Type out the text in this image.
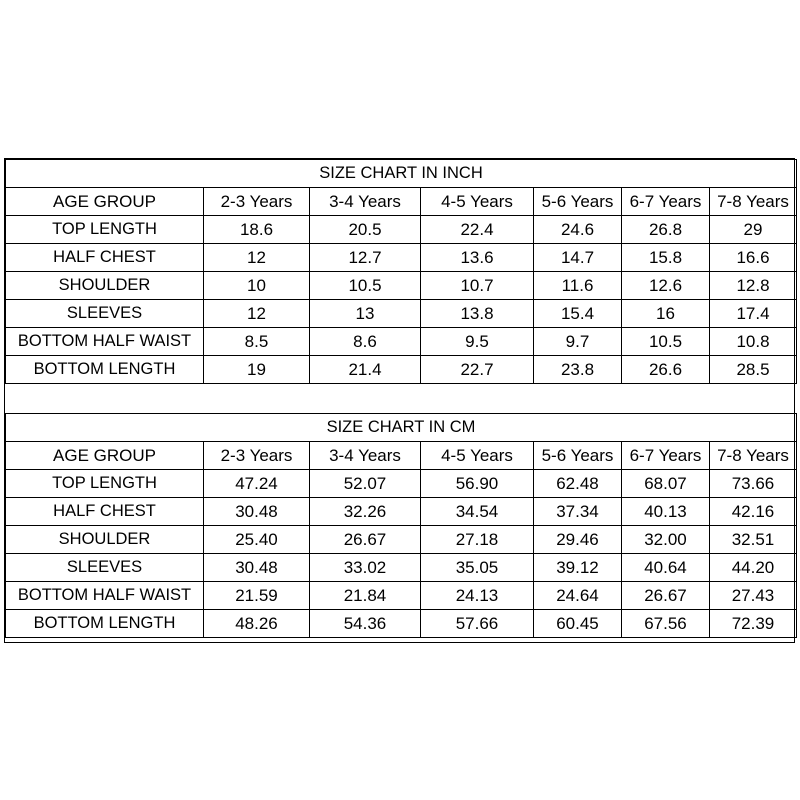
SIZE CHART IN INCH						
AGE GROUP	2-3 Years	3-4 Years	4-5 Years	5-6 Years	6-7 Years	7-8 Years
TOP LENGTH	18.6	20.5	22.4	24.6	26.8	29
HALF CHEST	12	12.7	13.6	14.7	15.8	16.6
SHOULDER	10	10.5	10.7	11.6	12.6	12.8
SLEEVES	12	13	13.8	15.4	16	17.4
BOTTOM HALF WAIST	8.5	8.6	9.5	9.7	10.5	10.8
BOTTOM LENGTH	19	21.4	22.7	23.8	26.6	28.5

SIZE CHART IN CM						
AGE GROUP	2-3 Years	3-4 Years	4-5 Years	5-6 Years	6-7 Years	7-8 Years
TOP LENGTH	47.24	52.07	56.90	62.48	68.07	73.66
HALF CHEST	30.48	32.26	34.54	37.34	40.13	42.16
SHOULDER	25.40	26.67	27.18	29.46	32.00	32.51
SLEEVES	30.48	33.02	35.05	39.12	40.64	44.20
BOTTOM HALF WAIST	21.59	21.84	24.13	24.64	26.67	27.43
BOTTOM LENGTH	48.26	54.36	57.66	60.45	67.56	72.39
